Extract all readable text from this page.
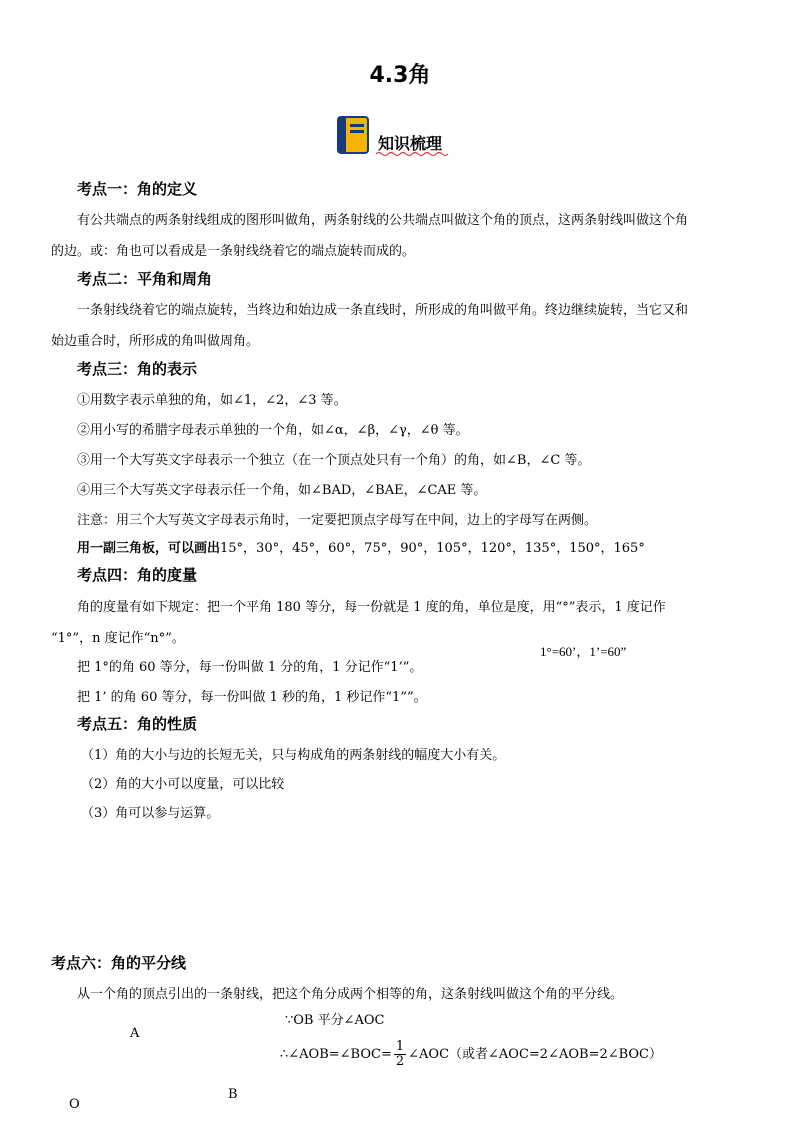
4.3角
知识梳理
考点一：角的定义
有公共端点的两条射线组成的图形叫做角，两条射线的公共端点叫做这个角的顶点，这两条射线叫做这个角
的边。或：角也可以看成是一条射线绕着它的端点旋转而成的。
考点二：平角和周角
一条射线绕着它的端点旋转，当终边和始边成一条直线时，所形成的角叫做平角。终边继续旋转，当它又和
始边重合时，所形成的角叫做周角。
考点三：角的表示
①用数字表示单独的角，如∠1，∠2，∠3 等。
②用小写的希腊字母表示单独的一个角，如∠α，∠β，∠γ，∠θ 等。
③用一个大写英文字母表示一个独立（在一个顶点处只有一个角）的角，如∠B，∠C 等。
④用三个大写英文字母表示任一个角，如∠BAD，∠BAE，∠CAE 等。
注意：用三个大写英文字母表示角时，一定要把顶点字母写在中间，边上的字母写在两侧。
用一副三角板，可以画出15°，30°，45°，60°，75°，90°，105°，120°，135°，150°，165°
考点四：角的度量
角的度量有如下规定：把一个平角 180 等分，每一份就是 1 度的角，单位是度，用“°”表示，1 度记作
“1°”，n 度记作“n°”。
1°=60’，1’=60”
把 1°的角 60 等分，每一份叫做 1 分的角，1 分记作“1’”。
把 1’ 的角 60 等分，每一份叫做 1 秒的角，1 秒记作“1””。
考点五：角的性质
（1）角的大小与边的长短无关，只与构成角的两条射线的幅度大小有关。
（2）角的大小可以度量，可以比较
（3）角可以参与运算。
考点六：角的平分线
从一个角的顶点引出的一条射线，把这个角分成两个相等的角，这条射线叫做这个角的平分线。
∵OB 平分∠AOC
∴∠AOB=∠BOC= $\frac{1}{2}$ ∠AOC（或者∠AOC=2∠AOB=2∠BOC）
A
B
O
